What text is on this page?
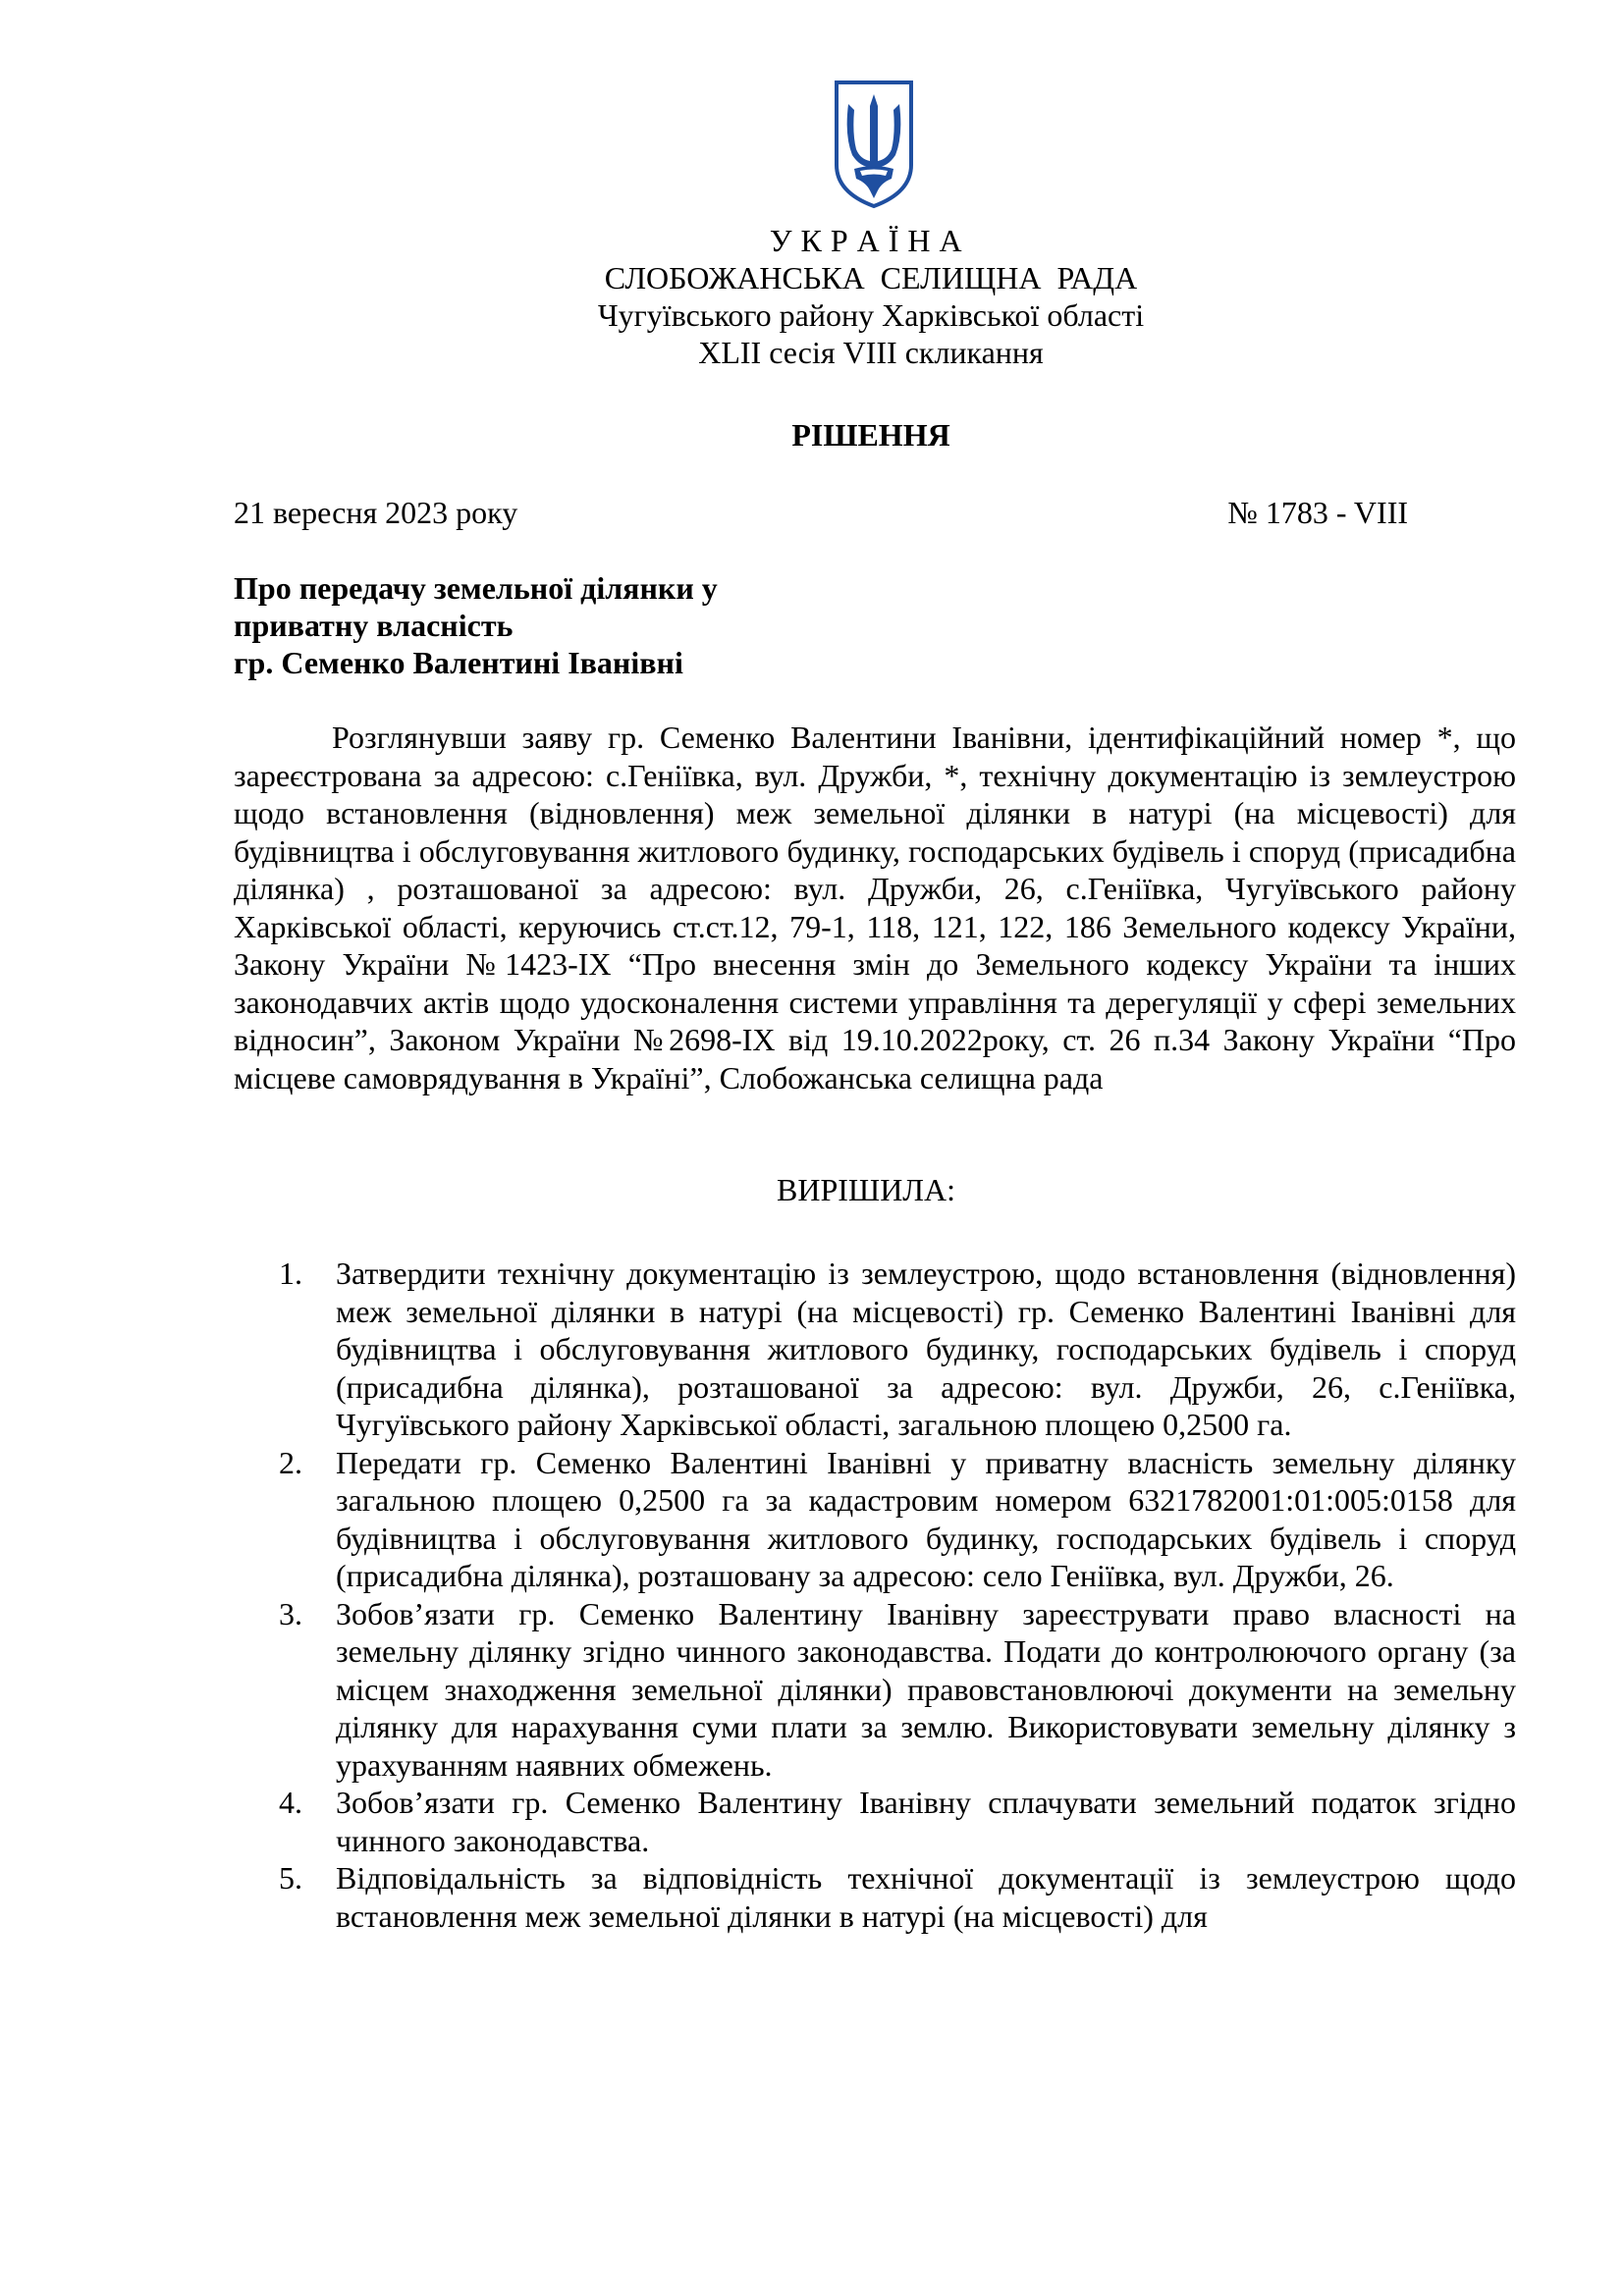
У К Р А Ї Н А
СЛОБОЖАНСЬКА  СЕЛИЩНА  РАДА
Чугуївського району Харківської області
XLII сесія VIII скликання
РІШЕННЯ
21 вересня 2023 року	№ 1783 - VIII
Про передачу земельної ділянки у
приватну власність
гр. Семенко Валентині Іванівні
Розглянувши заяву гр. Семенко Валентини Іванівни, ідентифікаційний номер *, що зареєстрована за адресою: с.Геніївка, вул. Дружби, *, технічну документацію із землеустрою щодо встановлення (відновлення) меж земельної ділянки в натурі (на місцевості) для будівництва і обслуговування житлового будинку, господарських будівель і споруд (присадибна ділянка) , розташованої за адресою: вул. Дружби, 26, с.Геніївка, Чугуївського району Харківської області, керуючись ст.ст.12, 79-1, 118, 121, 122, 186 Земельного кодексу України, Закону України №1423-IX “Про внесення змін до Земельного кодексу України та інших законодавчих актів щодо удосконалення системи управління та дерегуляції у сфері земельних відносин”, Законом України №2698-IX від 19.10.2022року, ст. 26 п.34 Закону України “Про місцеве самоврядування в Україні”, Слобожанська селищна рада
ВИРІШИЛА:
1. Затвердити технічну документацію із землеустрою, щодо встановлення (відновлення) меж земельної ділянки в натурі (на місцевості) гр. Семенко Валентині Іванівні для будівництва і обслуговування житлового будинку, господарських будівель і споруд (присадибна ділянка), розташованої за адресою: вул. Дружби, 26, с.Геніївка, Чугуївського району Харківської області, загальною площею 0,2500 га.
2. Передати гр. Семенко Валентині Іванівні у приватну власність земельну ділянку загальною площею 0,2500 га за кадастровим номером 6321782001:01:005:0158 для будівництва і обслуговування житлового будинку, господарських будівель і споруд (присадибна ділянка), розташовану за адресою: село Геніївка, вул. Дружби, 26.
3. Зобов’язати гр. Семенко Валентину Іванівну зареєструвати право власності на земельну ділянку згідно чинного законодавства. Подати до контролюючого органу (за місцем знаходження земельної ділянки) правовстановлюючі документи на земельну ділянку для нарахування суми плати за землю. Використовувати земельну ділянку з урахуванням наявних обмежень.
4. Зобов’язати гр. Семенко Валентину Іванівну сплачувати земельний податок згідно чинного законодавства.
5. Відповідальність за відповідність технічної документації із землеустрою щодо встановлення меж земельної ділянки в натурі (на місцевості) для
